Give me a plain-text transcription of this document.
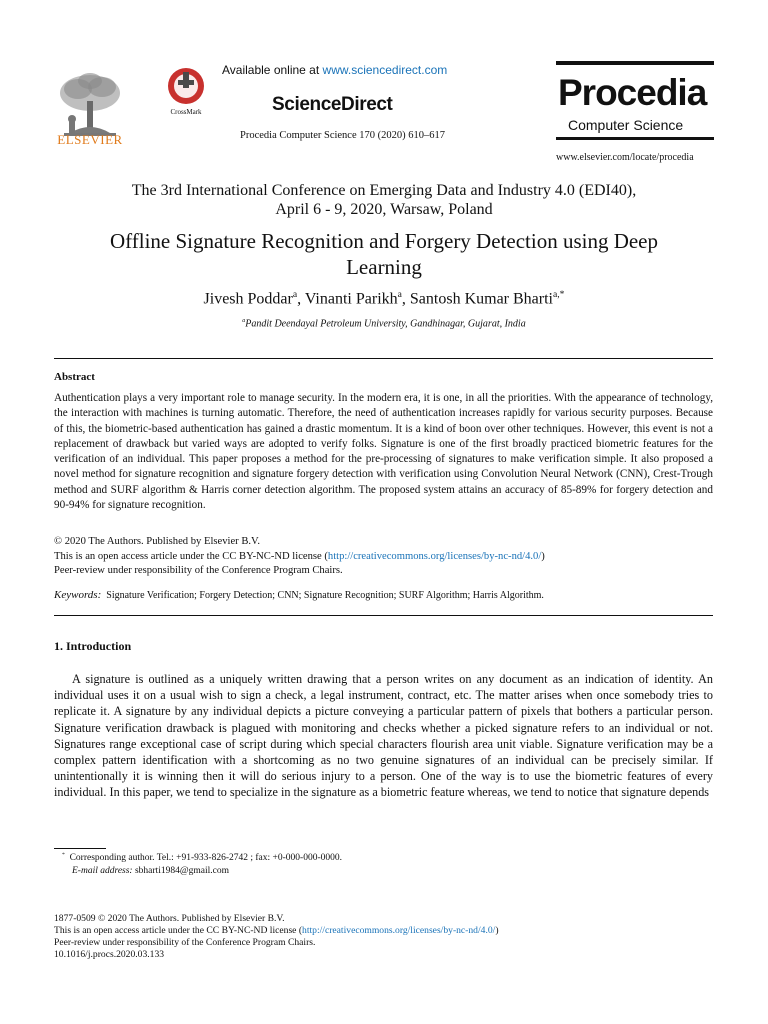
ELSEVIER
CrossMark
Available online at www.sciencedirect.com
ScienceDirect
Procedia Computer Science 170 (2020) 610–617
Procedia
Computer Science
www.elsevier.com/locate/procedia
The 3rd International Conference on Emerging Data and Industry 4.0 (EDI40),
April 6 - 9, 2020, Warsaw, Poland
Offline Signature Recognition and Forgery Detection using Deep
Learning
Jivesh Poddar$^a$, Vinanti Parikh$^a$, Santosh Kumar Bharti$^{a,*}$
$^a$Pandit Deendayal Petroleum University, Gandhinagar, Gujarat, India
Abstract
Authentication plays a very important role to manage security. In the modern era, it is one, in all the priorities. With the appearance of technology, the interaction with machines is turning automatic. Therefore, the need of authentication increases rapidly for various security purposes. Because of this, the biometric-based authentication has gained a drastic momentum. It is a kind of boon over other techniques. However, this event is not a replacement of drawback but varied ways are adopted to verify folks. Signature is one of the first broadly practiced biometric features for the verification of an individual. This paper proposes a method for the pre-processing of signatures to make verification simple. It also proposed a novel method for signature recognition and signature forgery detection with verification using Convolution Neural Network (CNN), Crest-Trough method and SURF algorithm & Harris corner detection algorithm. The proposed system attains an accuracy of 85-89% for forgery detection and 90-94% for signature recognition.
© 2020 The Authors. Published by Elsevier B.V.
This is an open access article under the CC BY-NC-ND license (http://creativecommons.org/licenses/by-nc-nd/4.0/)
Peer-review under responsibility of the Conference Program Chairs.
Keywords: Signature Verification; Forgery Detection; CNN; Signature Recognition; SURF Algorithm; Harris Algorithm.
1. Introduction
A signature is outlined as a uniquely written drawing that a person writes on any document as an indication of identity. An individual uses it on a usual wish to sign a check, a legal instrument, contract, etc. The matter arises when once somebody tries to replicate it. A signature by any individual depicts a picture conveying a particular pattern of pixels that bothers a particular person. Signature verification drawback is plagued with monitoring and checks whether a picked signature refers to an individual or not. Signatures range exceptional case of script during which special characters flourish area unit viable. Signature verification may be a complex pattern identification with a shortcoming as no two genuine signatures of an individual can be precisely similar. If unintentionally it is winning then it will do serious injury to a person. One of the way is to use the biometric features of every individual. In this paper, we tend to specialize in the signature as a biometric feature whereas, we tend to notice that signature depends
* Corresponding author. Tel.: +91-933-826-2742 ; fax: +0-000-000-0000.
E-mail address: sbharti1984@gmail.com
1877-0509 © 2020 The Authors. Published by Elsevier B.V.
This is an open access article under the CC BY-NC-ND license (http://creativecommons.org/licenses/by-nc-nd/4.0/)
Peer-review under responsibility of the Conference Program Chairs.
10.1016/j.procs.2020.03.133
